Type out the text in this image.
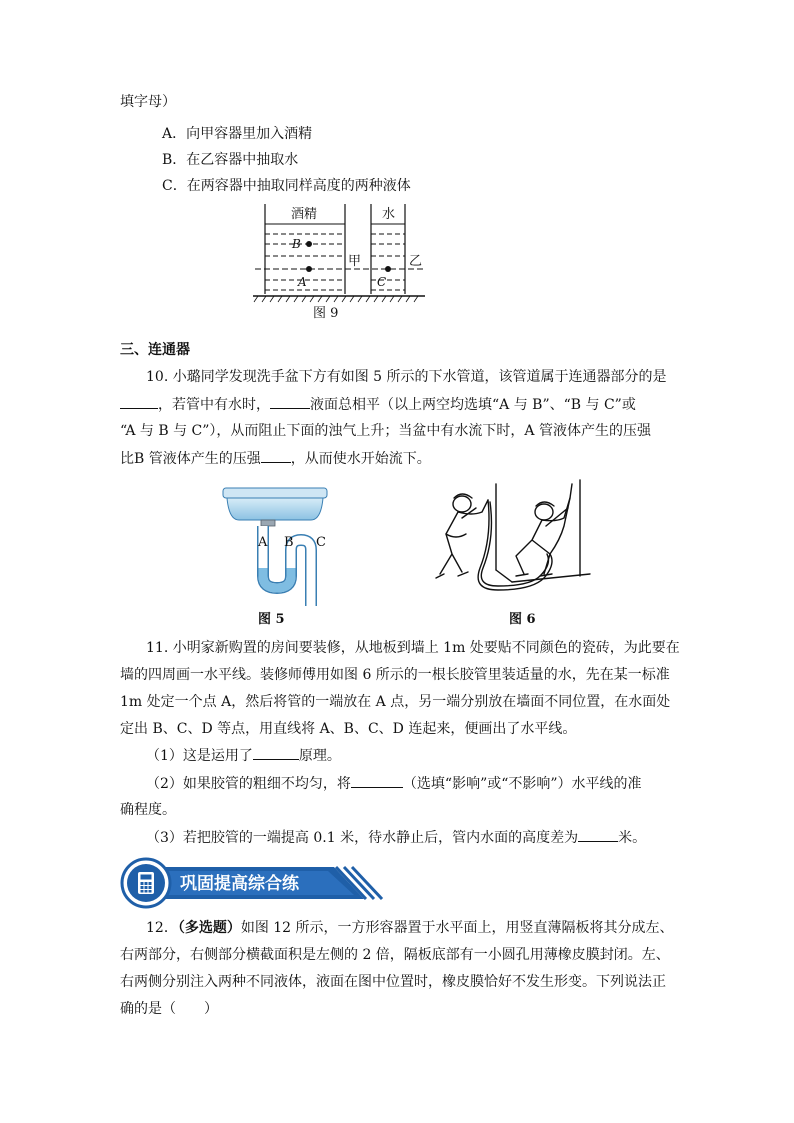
填字母）
A．向甲容器里加入酒精
B．在乙容器中抽取水
C．在两容器中抽取同样高度的两种液体
酒精	水
B
A	C
甲	乙
图 9
三、连通器
10. 小璐同学发现洗手盆下方有如图 5 所示的下水管道，该管道属于连通器部分的是
，若管中有水时，	液面总相平（以上两空均选填“A 与 B”、“B 与 C”或
“A 与 B 与 C”），从而阻止下面的浊气上升；当盆中有水流下时，A 管液体产生的压强
比B 管液体产生的压强 ，从而使水开始流下。
A B C
图 5	图 6
11. 小明家新购置的房间要装修，从地板到墙上 1m 处要贴不同颜色的瓷砖，为此要在
墙的四周画一水平线。装修师傅用如图 6 所示的一根长胶管里装适量的水，先在某一标准
1m 处定一个点 A，然后将管的一端放在 A 点，另一端分别放在墙面不同位置，在水面处
定出 B、C、D 等点，用直线将 A、B、C、D 连起来，便画出了水平线。
（1）这是运用了	原理。
（2）如果胶管的粗细不均匀，将	（选填“影响”或“不影响”）水平线的准
确程度。
（3）若把胶管的一端提高 0.1 米，待水静止后，管内水面的高度差为	米。
巩固提高综合练
12．（多选题）如图 12 所示，一方形容器置于水平面上，用竖直薄隔板将其分成左、
右两部分，右侧部分横截面积是左侧的 2 倍，隔板底部有一小圆孔用薄橡皮膜封闭。左、
右两侧分别注入两种不同液体，液面在图中位置时，橡皮膜恰好不发生形变。下列说法正
确的是（　　）
